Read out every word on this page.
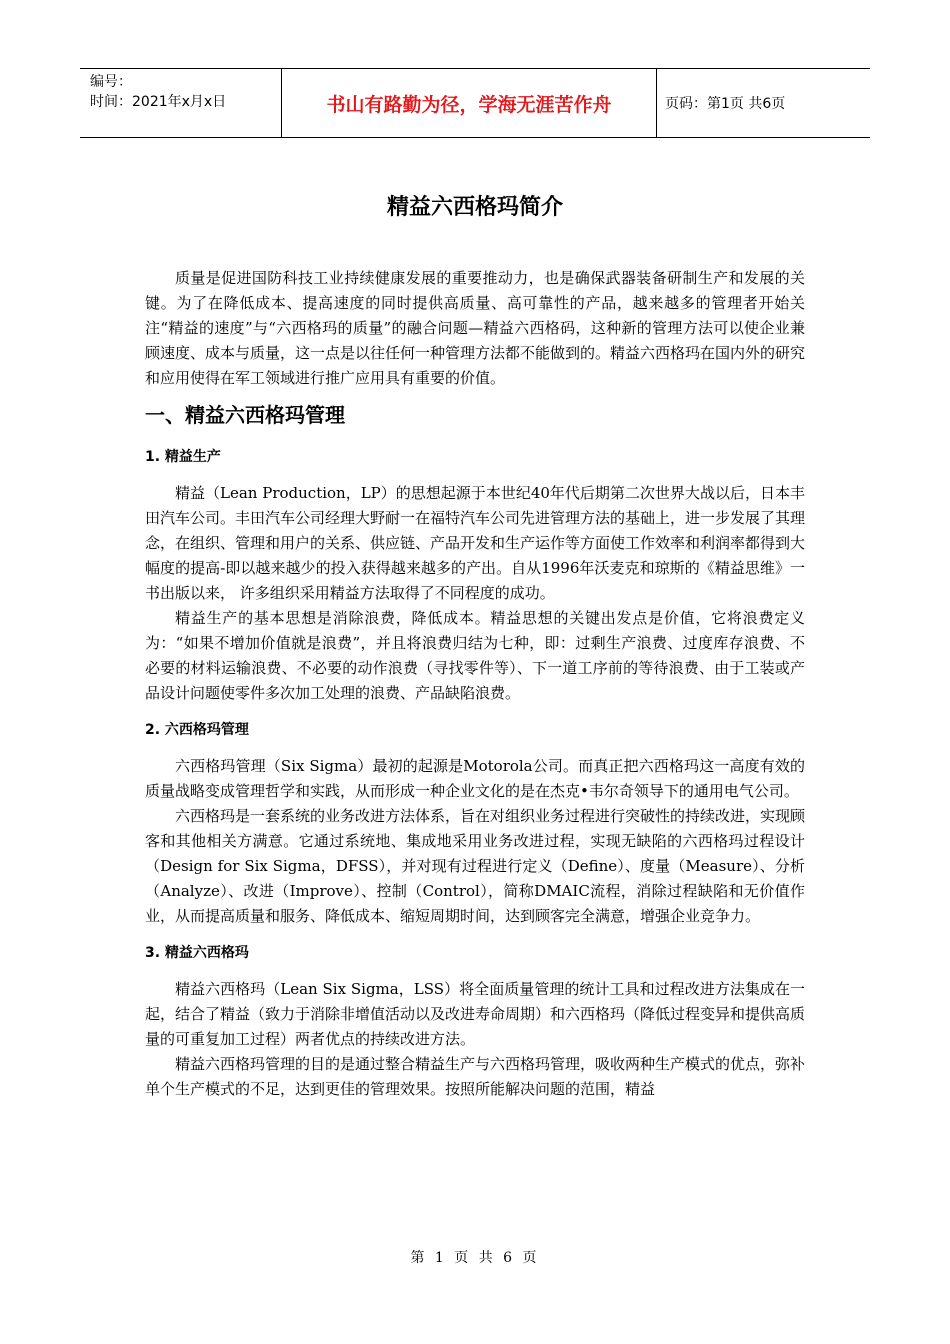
编号：
时间：2021年x月x日	书山有路勤为径，学海无涯苦作舟	页码：第1页 共6页
精益六西格玛简介

质量是促进国防科技工业持续健康发展的重要推动力，也是确保武器装备研制生产和发展的关键。为了在降低成本、提高速度的同时提供高质量、高可靠性的产品，越来越多的管理者开始关注“精益的速度”与“六西格玛的质量”的融合问题—精益六西格码，这种新的管理方法可以使企业兼顾速度、成本与质量，这一点是以往任何一种管理方法都不能做到的。精益六西格玛在国内外的研究和应用使得在军工领域进行推广应用具有重要的价值。

一、精益六西格玛管理
1. 精益生产

精益（Lean Production，LP）的思想起源于本世纪40年代后期第二次世界大战以后，日本丰田汽车公司。丰田汽车公司经理大野耐一在福特汽车公司先进管理方法的基础上，进一步发展了其理念，在组织、管理和用户的关系、供应链、产品开发和生产运作等方面使工作效率和利润率都得到大幅度的提高-即以越来越少的投入获得越来越多的产出。自从1996年沃麦克和琼斯的《精益思维》一书出版以来， 许多组织采用精益方法取得了不同程度的成功。

精益生产的基本思想是消除浪费，降低成本。精益思想的关键出发点是价值，它将浪费定义为：“如果不增加价值就是浪费”，并且将浪费归结为七种，即：过剩生产浪费、过度库存浪费、不必要的材料运输浪费、不必要的动作浪费（寻找零件等）、下一道工序前的等待浪费、由于工装或产品设计问题使零件多次加工处理的浪费、产品缺陷浪费。

2. 六西格玛管理

六西格玛管理（Six Sigma）最初的起源是Motorola公司。而真正把六西格玛这一高度有效的质量战略变成管理哲学和实践，从而形成一种企业文化的是在杰克•韦尔奇领导下的通用电气公司。

六西格玛是一套系统的业务改进方法体系，旨在对组织业务过程进行突破性的持续改进，实现顾客和其他相关方满意。它通过系统地、集成地采用业务改进过程，实现无缺陷的六西格玛过程设计（Design for Six Sigma，DFSS），并对现有过程进行定义（Define）、度量（Measure）、分析（Analyze）、改进（Improve）、控制（Control），简称DMAIC流程，消除过程缺陷和无价值作业，从而提高质量和服务、降低成本、缩短周期时间，达到顾客完全满意，增强企业竞争力。

3. 精益六西格玛

精益六西格玛（Lean Six Sigma，LSS）将全面质量管理的统计工具和过程改进方法集成在一起，结合了精益（致力于消除非增值活动以及改进寿命周期）和六西格玛（降低过程变异和提供高质量的可重复加工过程）两者优点的持续改进方法。

精益六西格玛管理的目的是通过整合精益生产与六西格玛管理，吸收两种生产模式的优点，弥补单个生产模式的不足，达到更佳的管理效果。按照所能解决问题的范围，精益

第 1 页 共 6 页
